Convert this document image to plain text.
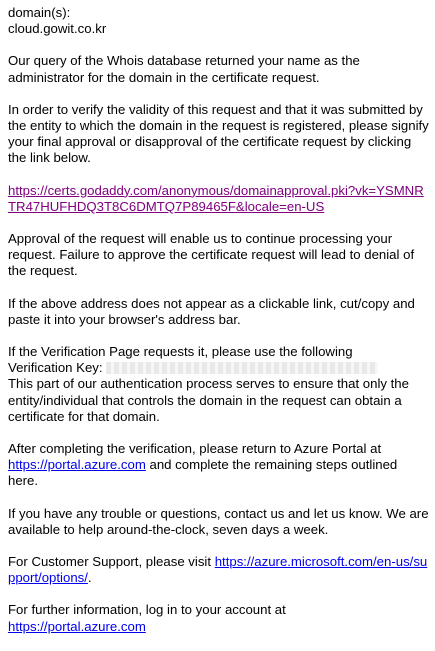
domain(s):
cloud.gowit.co.kr
Our query of the Whois database returned your name as the administrator for the domain in the certificate request.
In order to verify the validity of this request and that it was submitted by the entity to which the domain in the request is registered, please signify your final approval or disapproval of the certificate request by clicking the link below.
https://certs.godaddy.com/anonymous/domainapproval.pki?vk=YSMNRTR47HUFHDQ3T8C6DMTQ7P89465F&locale=en-US
Approval of the request will enable us to continue processing your request. Failure to approve the certificate request will lead to denial of the request.
If the above address does not appear as a clickable link, cut/copy and paste it into your browser's address bar.
If the Verification Page requests it, please use the following
Verification Key:
This part of our authentication process serves to ensure that only the entity/individual that controls the domain in the request can obtain a certificate for that domain.
After completing the verification, please return to Azure Portal at https://portal.azure.com and complete the remaining steps outlined here.
If you have any trouble or questions, contact us and let us know. We are available to help around-the-clock, seven days a week.
For Customer Support, please visit https://azure.microsoft.com/en-us/support/options/.
For further information, log in to your account at
https://portal.azure.com
